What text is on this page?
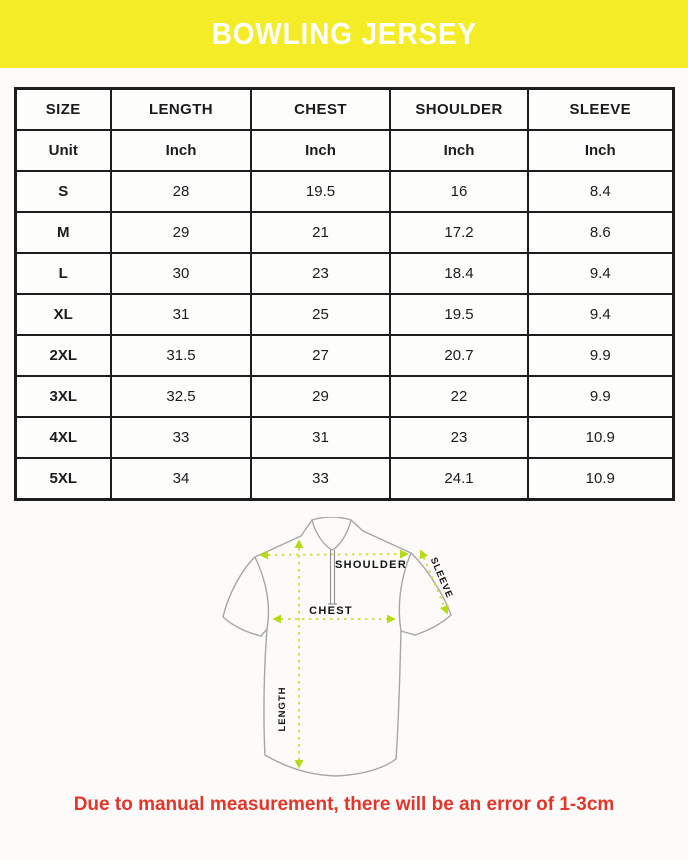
BOWLING JERSEY
SIZE	LENGTH	CHEST	SHOULDER	SLEEVE
Unit	Inch	Inch	Inch	Inch
S	28	19.5	16	8.4
M	29	21	17.2	8.6
L	30	23	18.4	9.4
XL	31	25	19.5	9.4
2XL	31.5	27	20.7	9.9
3XL	32.5	29	22	9.9
4XL	33	31	23	10.9
5XL	34	33	24.1	10.9
SHOULDER
CHEST
SLEEVE
LENGTH
Due to manual measurement, there will be an error of 1-3cm
